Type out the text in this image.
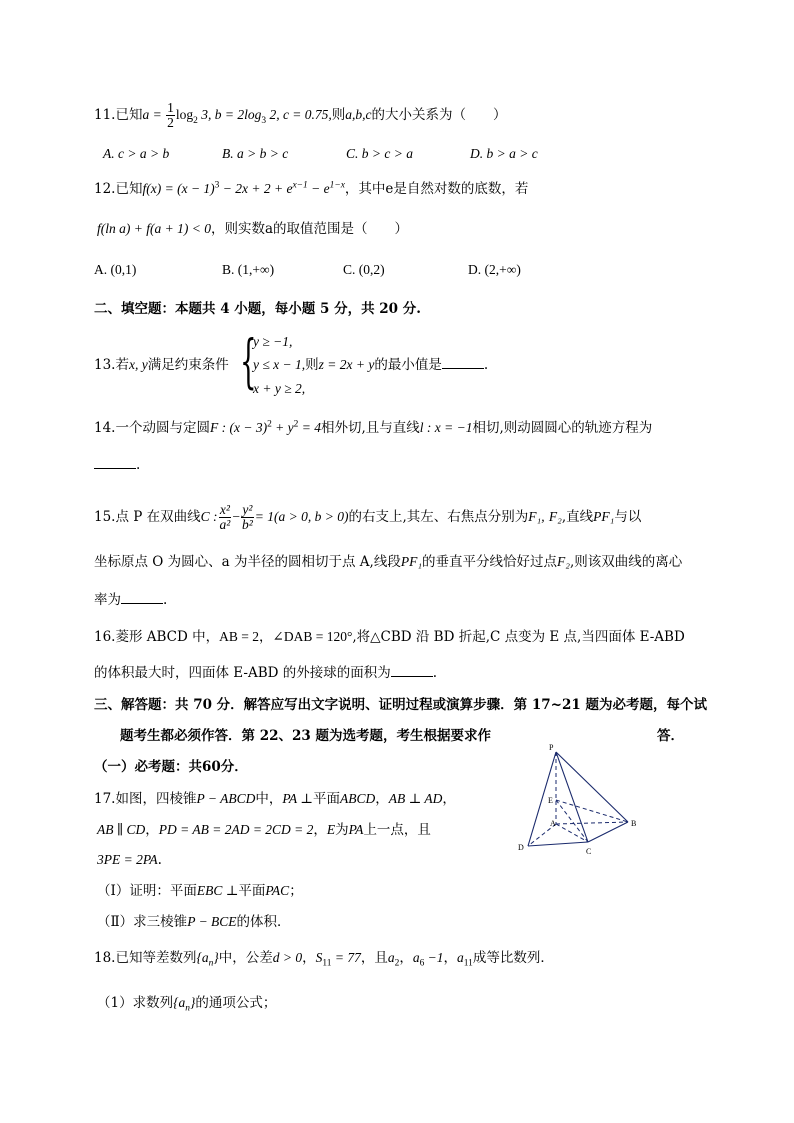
11.已知$a = \frac{1}{2} \log_2 3$, $b = 2\log_3$ 2, c = 0.75,则a,b,c的大小关系为（　　）
A. c > a > b	B. a > b > c	C. b > c > a	D. b > a > c
12.已知$f(x) = (x - 1)^3 - 2x + 2 + e^{x-1} - e^{1-x}$，其中e是自然对数的底数，若
f(ln a) + f(a + 1) < 0，则实数a的取值范围是（　　）
A. (0,1)	B. (1,+∞)	C. (0,2)	D. (2,+∞)
二、填空题：本题共 4 小题，每小题 5 分，共 20 分.
{
13.若x, y满足约束条件
y ≥ −1,
y ≤ x − 1,则z = 2x + y的最小值是	.
x + y ≥ 2,
14.一个动圆与定圆F : $(x - 3)^2 + y^2 = 4$相外切,且与直线l : x = −1相切,则动圆圆心的轨迹方程为
.
15.点 P 在双曲线C : $\frac{\text{x²}}{\text{a²}} - \frac{\text{y²}}{\text{b²}} = 1(a > 0$, b > 0)的右支上,其左、右焦点分别为F₁, F₂,直线PF₁与以
坐标原点 O 为圆心、a 为半径的圆相切于点 A,线段PF₁的垂直平分线恰好过点F₂,则该双曲线的离心
率为	.
16.菱形 ABCD 中，AB = 2，∠DAB = 120°,将△CBD 沿 BD 折起,C 点变为 E 点,当四面体 E-ABD
的体积最大时，四面体 E-ABD 的外接球的面积为	.
三、解答题：共 70 分．解答应写出文字说明、证明过程或演算步骤．第 17~21 题为必考题，每个试
题考生都必须作答．第 22、23 题为选考题，考生根据要求作	答．
（一）必考题：共60分．
17.如图，四棱锥P − ABCD中，PA ⊥平面ABCD，AB ⊥ AD，
AB ∥ CD，PD = AB = 2AD = 2CD = 2，E为PA上一点，且
3PE = 2PA.
（Ⅰ）证明：平面EBC ⊥平面PAC；
（Ⅱ）求三棱锥P − BCE的体积．
P
E
A	B
C
D
18.已知等差数列$\{a_n\}$中，公差d > 0，$S_{11} = 77$，且$a_2$，$a_6 -1$，$a_{11}$成等比数列．
（1）求数列$\{a_n\}$的通项公式；
